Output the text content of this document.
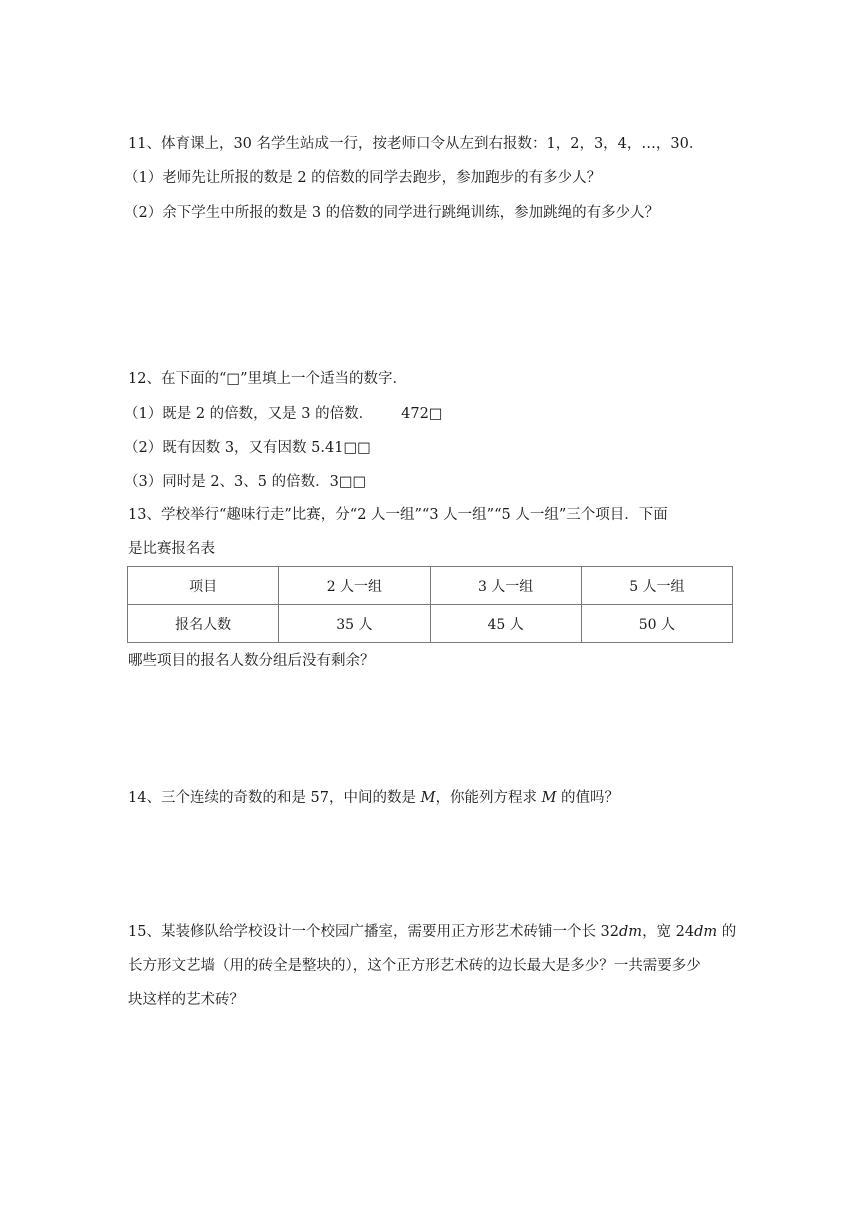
11、体育课上，30 名学生站成一行，按老师口令从左到右报数：1，2，3，4，…，30．
（1）老师先让所报的数是 2 的倍数的同学去跑步，参加跑步的有多少人？
（2）余下学生中所报的数是 3 的倍数的同学进行跳绳训练，参加跳绳的有多少人？
12、在下面的“□”里填上一个适当的数字．
（1）既是 2 的倍数，又是 3 的倍数． 472□
（2）既有因数 3，又有因数 5.41□□
（3）同时是 2、3、5 的倍数．3□□
13、学校举行“趣味行走”比赛，分“2 人一组”“3 人一组”“5 人一组”三个项目．下面
是比赛报名表
项目	2 人一组	3 人一组	5 人一组
报名人数	35 人	45 人	50 人
哪些项目的报名人数分组后没有剩余？
14、三个连续的奇数的和是 57，中间的数是 M，你能列方程求 M 的值吗？
15、某装修队给学校设计一个校园广播室，需要用正方形艺术砖铺一个长 32dm，宽 24dm 的
长方形文艺墙（用的砖全是整块的），这个正方形艺术砖的边长最大是多少？一共需要多少
块这样的艺术砖？
